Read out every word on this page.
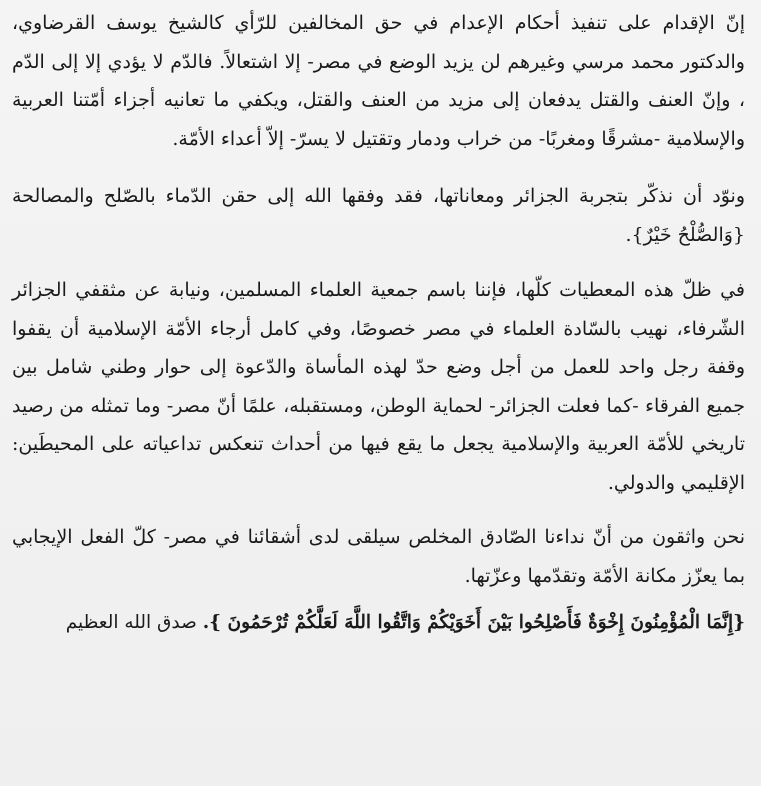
إنّ الإقدام على تنفيذ أحكام الإعدام في حق المخالفين للرّأي كالشيخ يوسف القرضاوي، والدكتور محمد مرسي وغيرهم لن يزيد الوضع في مصر- إلا اشتعالاً. فالدّم لا يؤدي إلا إلى الدّم ، وإنّ العنف والقتل يدفعان إلى مزيد من العنف والقتل، ويكفي ما تعانيه أجزاء أمّتنا العربية والإسلامية -مشرقًا ومغربًا- من خراب ودمار وتقتيل لا يسرّ- إلاّ أعداء الأمّة.

ونوّد أن نذكّر بتجربة الجزائر ومعاناتها، فقد وفقها الله إلى حقن الدّماء بالصّلح والمصالحة {وَالصُّلْحُ خَيْرٌ}.

في ظلّ هذه المعطيات كلّها، فإننا باسم جمعية العلماء المسلمين، ونيابة عن مثقفي الجزائر الشّرفاء، نهيب بالسّادة العلماء في مصر خصوصًا، وفي كامل أرجاء الأمّة الإسلامية أن يقفوا وقفة رجل واحد للعمل من أجل وضع حدّ لهذه المأساة والدّعوة إلى حوار وطني شامل بين جميع الفرقاء -كما فعلت الجزائر- لحماية الوطن، ومستقبله، علمًا أنّ مصر- وما تمثله من رصيد تاريخي للأمّة العربية والإسلامية يجعل ما يقع فيها من أحداث تنعكس تداعياته على المحيطَين: الإقليمي والدولي.

نحن واثقون من أنّ نداءنا الصّادق المخلص سيلقى لدى أشقائنا في مصر- كلّ الفعل الإيجابي بما يعزّز مكانة الأمّة وتقدّمها وعزّتها.

{إِنَّمَا الْمُؤْمِنُونَ إِخْوَةٌ فَأَصْلِحُوا بَيْنَ أَخَوَيْكُمْ وَاتَّقُوا اللَّهَ لَعَلَّكُمْ تُرْحَمُونَ }. صدق الله العظيم
